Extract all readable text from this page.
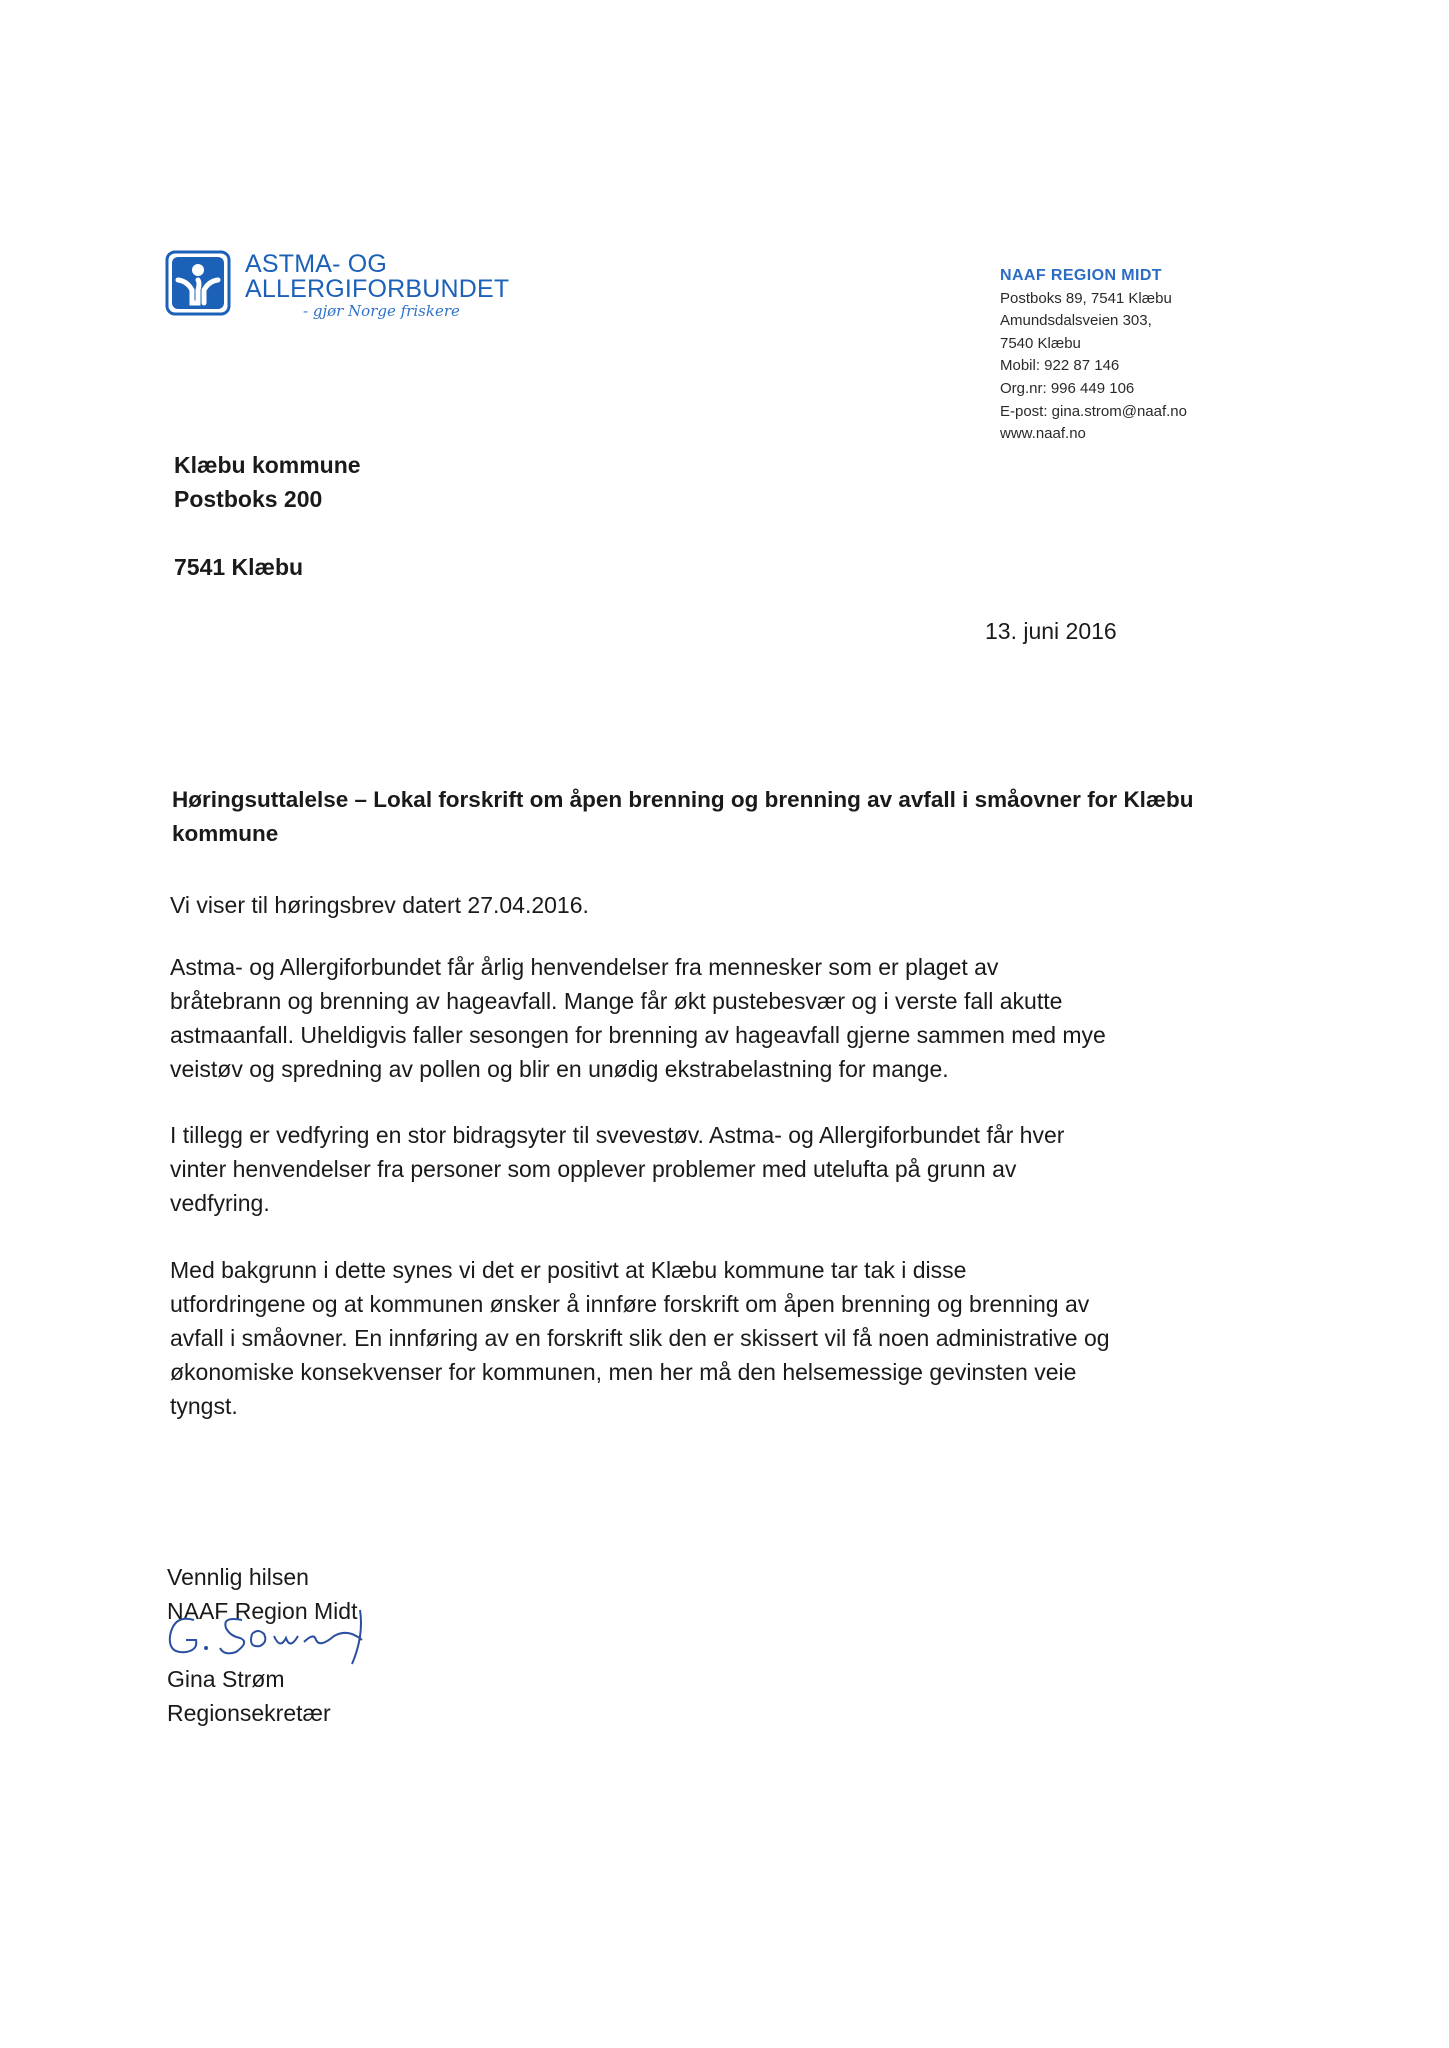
ASTMA- OG
ALLERGIFORBUNDET
- gjør Norge friskere
NAAF REGION MIDT
Postboks 89, 7541 Klæbu
Amundsdalsveien 303,
7540 Klæbu
Mobil: 922 87 146
Org.nr: 996 449 106
E-post: gina.strom@naaf.no
www.naaf.no
Klæbu kommune
Postboks 200
7541 Klæbu
13. juni 2016
Høringsuttalelse – Lokal forskrift om åpen brenning og brenning av avfall i småovner for Klæbu kommune
Vi viser til høringsbrev datert 27.04.2016.
Astma- og Allergiforbundet får årlig henvendelser fra mennesker som er plaget av
bråtebrann og brenning av hageavfall. Mange får økt pustebesvær og i verste fall akutte
astmaanfall. Uheldigvis faller sesongen for brenning av hageavfall gjerne sammen med mye
veistøv og spredning av pollen og blir en unødig ekstrabelastning for mange.
I tillegg er vedfyring en stor bidragsyter til svevestøv. Astma- og Allergiforbundet får hver
vinter henvendelser fra personer som opplever problemer med utelufta på grunn av
vedfyring.
Med bakgrunn i dette synes vi det er positivt at Klæbu kommune tar tak i disse
utfordringene og at kommunen ønsker å innføre forskrift om åpen brenning og brenning av
avfall i småovner. En innføring av en forskrift slik den er skissert vil få noen administrative og
økonomiske konsekvenser for kommunen, men her må den helsemessige gevinsten veie
tyngst.
Vennlig hilsen
NAAF Region Midt
Gina Strøm
Regionsekretær
